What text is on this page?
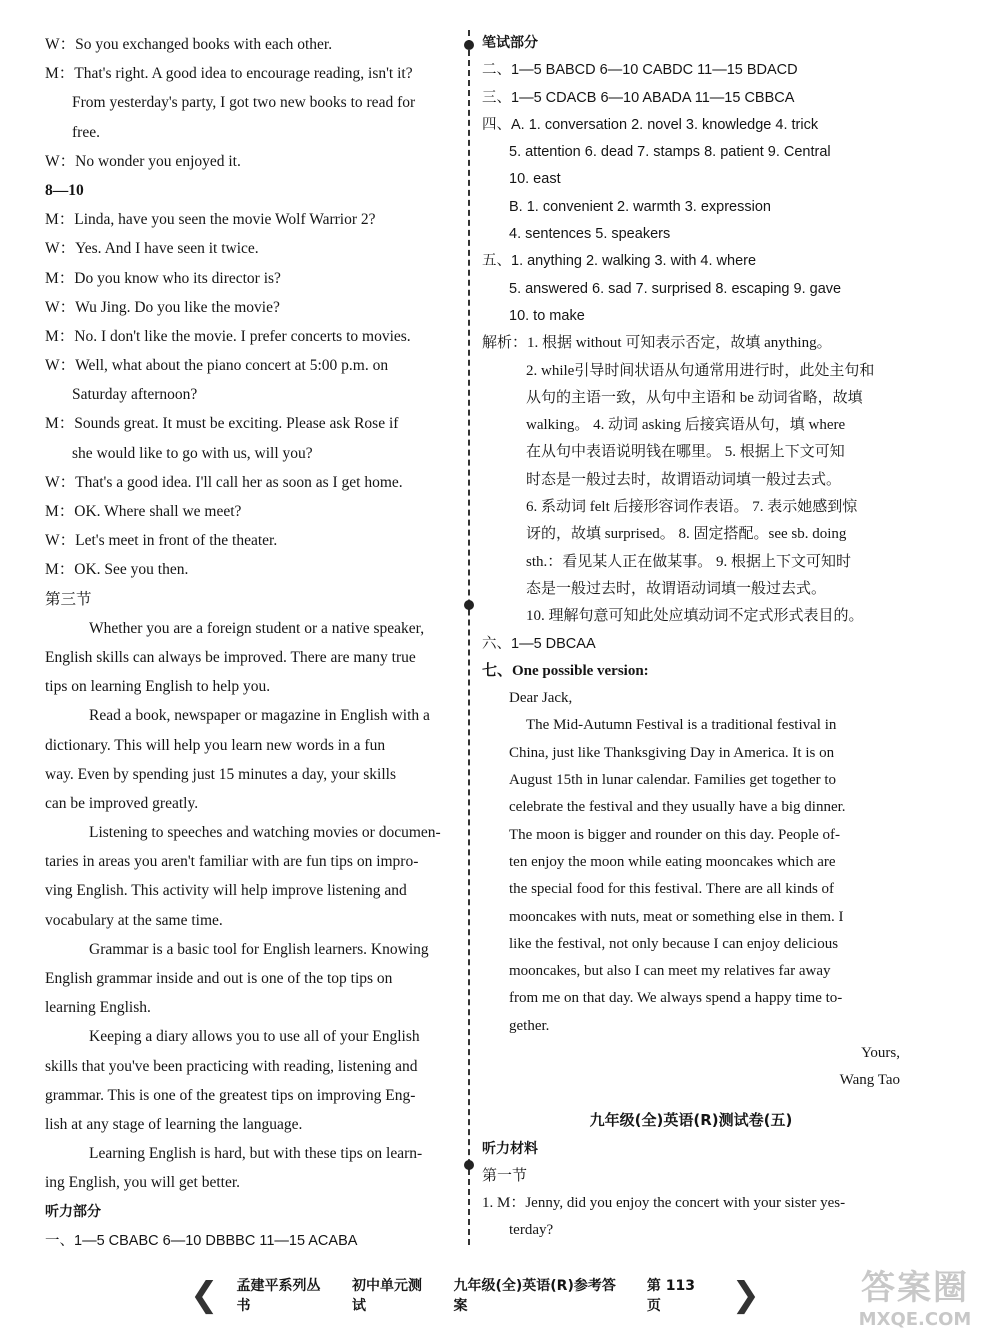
W：So you exchanged books with each other.
M：That's right. A good idea to encourage reading, isn't it?
From yesterday's party, I got two new books to read for
free.
W：No wonder you enjoyed it.
8—10
M：Linda, have you seen the movie Wolf Warrior 2?
W：Yes. And I have seen it twice.
M：Do you know who its director is?
W：Wu Jing. Do you like the movie?
M：No. I don't like the movie. I prefer concerts to movies.
W：Well, what about the piano concert at 5:00 p.m. on
Saturday afternoon?
M：Sounds great. It must be exciting. Please ask Rose if
she would like to go with us, will you?
W：That's a good idea. I'll call her as soon as I get home.
M：OK. Where shall we meet?
W：Let's meet in front of the theater.
M：OK. See you then.
第三节
Whether you are a foreign student or a native speaker,
English skills can always be improved. There are many true
tips on learning English to help you.
Read a book, newspaper or magazine in English with a
dictionary. This will help you learn new words in a fun
way. Even by spending just 15 minutes a day, your skills
can be improved greatly.
Listening to speeches and watching movies or documen-
taries in areas you aren't familiar with are fun tips on impro-
ving English. This activity will help improve listening and
vocabulary at the same time.
Grammar is a basic tool for English learners. Knowing
English grammar inside and out is one of the top tips on
learning English.
Keeping a diary allows you to use all of your English
skills that you've been practicing with reading, listening and
grammar. This is one of the greatest tips on improving Eng-
lish at any stage of learning the language.
Learning English is hard, but with these tips on learn-
ing English, you will get better.
听力部分
一、1—5 CBABC 6—10 DBBBC 11—15 ACABA
笔试部分
二、1—5 BABCD 6—10 CABDC 11—15 BDACD
三、1—5 CDACB 6—10 ABADA 11—15 CBBCA
四、A. 1. conversation 2. novel 3. knowledge 4. trick
5. attention 6. dead 7. stamps 8. patient 9. Central
10. east
B. 1. convenient 2. warmth 3. expression
4. sentences 5. speakers
五、1. anything 2. walking 3. with 4. where
5. answered 6. sad 7. surprised 8. escaping 9. gave
10. to make
解析：1. 根据 without 可知表示否定，故填 anything。
2. while引导时间状语从句通常用进行时，此处主句和
从句的主语一致，从句中主语和 be 动词省略，故填
walking。 4. 动词 asking 后接宾语从句，填 where
在从句中表语说明钱在哪里。 5. 根据上下文可知
时态是一般过去时，故谓语动词填一般过去式。
6. 系动词 felt 后接形容词作表语。 7. 表示她感到惊
讶的，故填 surprised。 8. 固定搭配。see sb. doing
sth.：看见某人正在做某事。 9. 根据上下文可知时
态是一般过去时，故谓语动词填一般过去式。
10. 理解句意可知此处应填动词不定式形式表目的。
六、1—5 DBCAA
七、One possible version:
Dear Jack,
The Mid-Autumn Festival is a traditional festival in
China, just like Thanksgiving Day in America. It is on
August 15th in lunar calendar. Families get together to
celebrate the festival and they usually have a big dinner.
The moon is bigger and rounder on this day. People of-
ten enjoy the moon while eating mooncakes which are
the special food for this festival. There are all kinds of
mooncakes with nuts, meat or something else in them. I
like the festival, not only because I can enjoy delicious
mooncakes, but also I can meet my relatives far away
from me on that day. We always spend a happy time to-
gether.
Yours,
Wang Tao
九年级(全)英语(R)测试卷(五)
听力材料
第一节
1. M：Jenny, did you enjoy the concert with your sister yes-
terday?
❮ 孟建平系列丛书
初中单元测试
九年级(全)英语(R)参考答案
第 113 页	❯	答案圈
MXQE.COM
